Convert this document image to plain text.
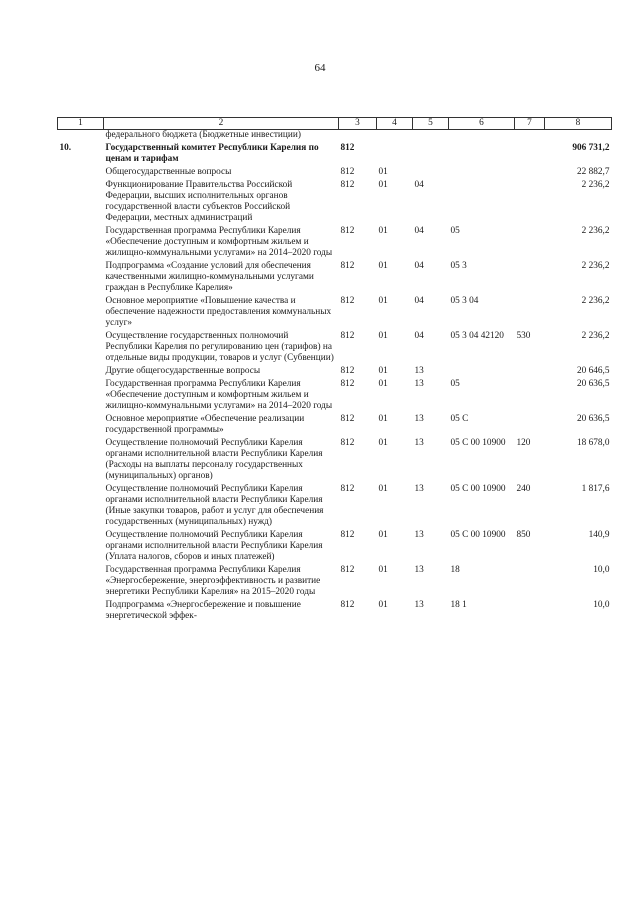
64
1	2	3	4	5	6	7	8
	федерального бюджета (Бюджетные инвестиции)						
10.	Государственный комитет Республики Карелия по ценам и тарифам	812					906 731,2
	Общегосударственные вопросы	812	01				22 882,7
	Функционирование Правительства Российской Федерации, высших исполнительных органов государственной власти субъектов Российской Федерации, местных администраций	812	01	04			2 236,2
	Государственная программа Республики Карелия «Обеспечение доступным и комфортным жильем и жилищно-коммунальными услугами» на 2014–2020 годы	812	01	04	05		2 236,2
	Подпрограмма «Создание условий для обеспечения качественными жилищно-коммунальными услугами граждан в Республике Карелия»	812	01	04	05 3		2 236,2
	Основное мероприятие «Повышение качества и обеспечение надежности предоставления коммунальных услуг»	812	01	04	05 3 04		2 236,2
	Осуществление государственных полномочий Республики Карелия по регулированию цен (тарифов) на отдельные виды продукции, товаров и услуг (Субвенции)	812	01	04	05 3 04 42120	530	2 236,2
	Другие общегосударственные вопросы	812	01	13			20 646,5
	Государственная программа Республики Карелия «Обеспечение доступным и комфортным жильем и жилищно-коммунальными услугами» на 2014–2020 годы	812	01	13	05		20 636,5
	Основное мероприятие «Обеспечение реализации государственной программы»	812	01	13	05 С		20 636,5
	Осуществление полномочий Республики Карелия органами исполнительной власти Республики Карелия (Расходы на выплаты персоналу государственных (муниципальных) органов)	812	01	13	05 С 00 10900	120	18 678,0
	Осуществление полномочий Республики Карелия органами исполнительной власти Республики Карелия (Иные закупки товаров, работ и услуг для обеспечения государственных (муниципальных) нужд)	812	01	13	05 С 00 10900	240	1 817,6
	Осуществление полномочий Республики Карелия органами исполнительной власти Республики Карелия (Уплата налогов, сборов и иных платежей)	812	01	13	05 С 00 10900	850	140,9
	Государственная программа Республики Карелия «Энергосбережение, энергоэффективность и развитие энергетики Республики Карелия» на 2015–2020 годы	812	01	13	18		10,0
	Подпрограмма «Энергосбережение и повышение энергетической эффек-	812	01	13	18 1		10,0
